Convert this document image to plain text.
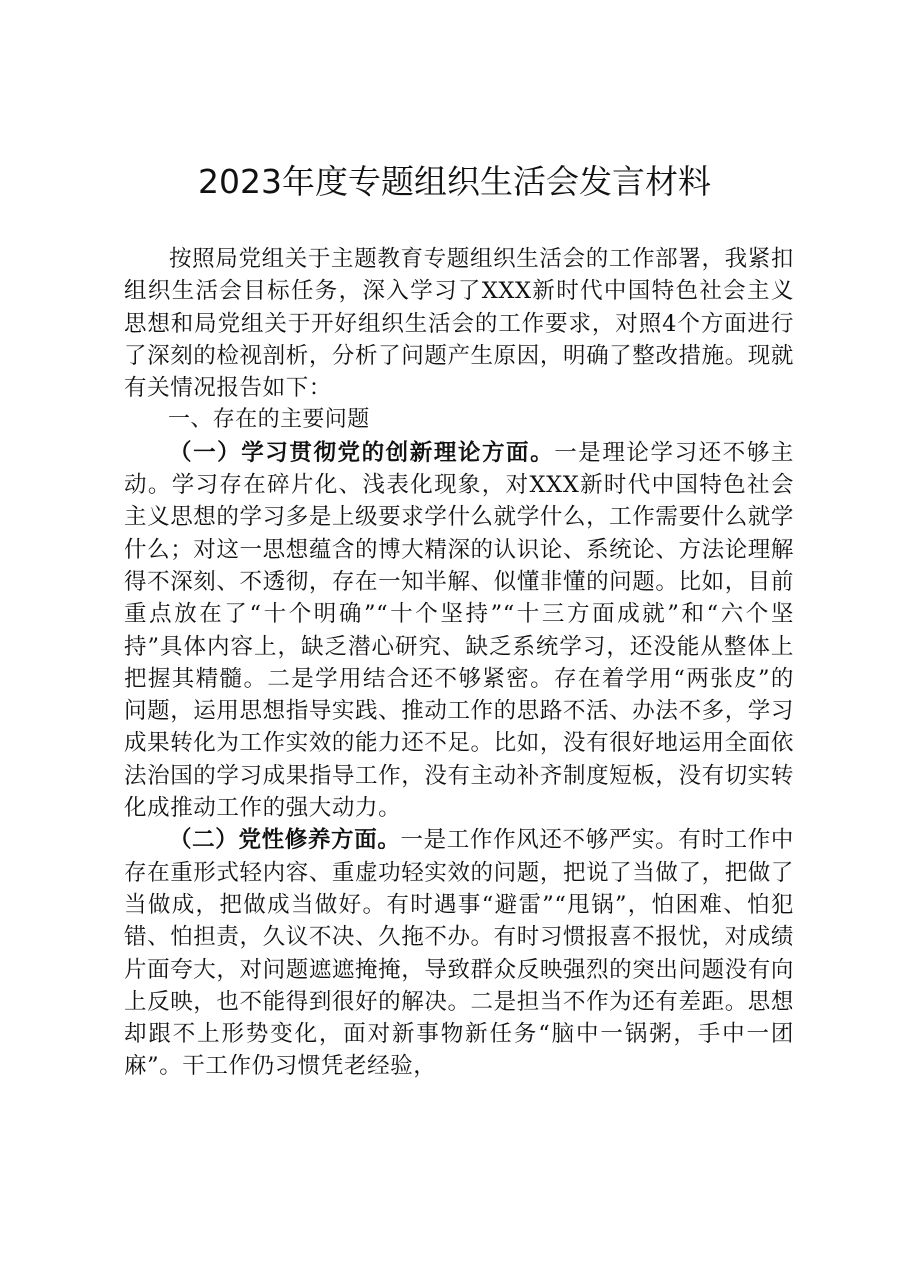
2023年度专题组织生活会发言材料

按照局党组关于主题教育专题组织生活会的工作部署，我紧扣组织生活会目标任务，深入学习了XXX新时代中国特色社会主义思想和局党组关于开好组织生活会的工作要求，对照4个方面进行了深刻的检视剖析，分析了问题产生原因，明确了整改措施。现就有关情况报告如下：

一、存在的主要问题

（一）学习贯彻党的创新理论方面。一是理论学习还不够主动。学习存在碎片化、浅表化现象，对XXX新时代中国特色社会主义思想的学习多是上级要求学什么就学什么，工作需要什么就学什么；对这一思想蕴含的博大精深的认识论、系统论、方法论理解得不深刻、不透彻，存在一知半解、似懂非懂的问题。比如，目前重点放在了“十个明确”“十个坚持”“十三方面成就”和“六个坚持”具体内容上，缺乏潜心研究、缺乏系统学习，还没能从整体上把握其精髓。二是学用结合还不够紧密。存在着学用“两张皮”的问题，运用思想指导实践、推动工作的思路不活、办法不多，学习成果转化为工作实效的能力还不足。比如，没有很好地运用全面依法治国的学习成果指导工作，没有主动补齐制度短板，没有切实转化成推动工作的强大动力。

（二）党性修养方面。一是工作作风还不够严实。有时工作中存在重形式轻内容、重虚功轻实效的问题，把说了当做了，把做了当做成，把做成当做好。有时遇事“避雷”“甩锅”，怕困难、怕犯错、怕担责，久议不决、久拖不办。有时习惯报喜不报忧，对成绩片面夸大，对问题遮遮掩掩，导致群众反映强烈的突出问题没有向上反映，也不能得到很好的解决。二是担当不作为还有差距。思想却跟不上形势变化，面对新事物新任务“脑中一锅粥，手中一团麻”。干工作仍习惯凭老经验，
